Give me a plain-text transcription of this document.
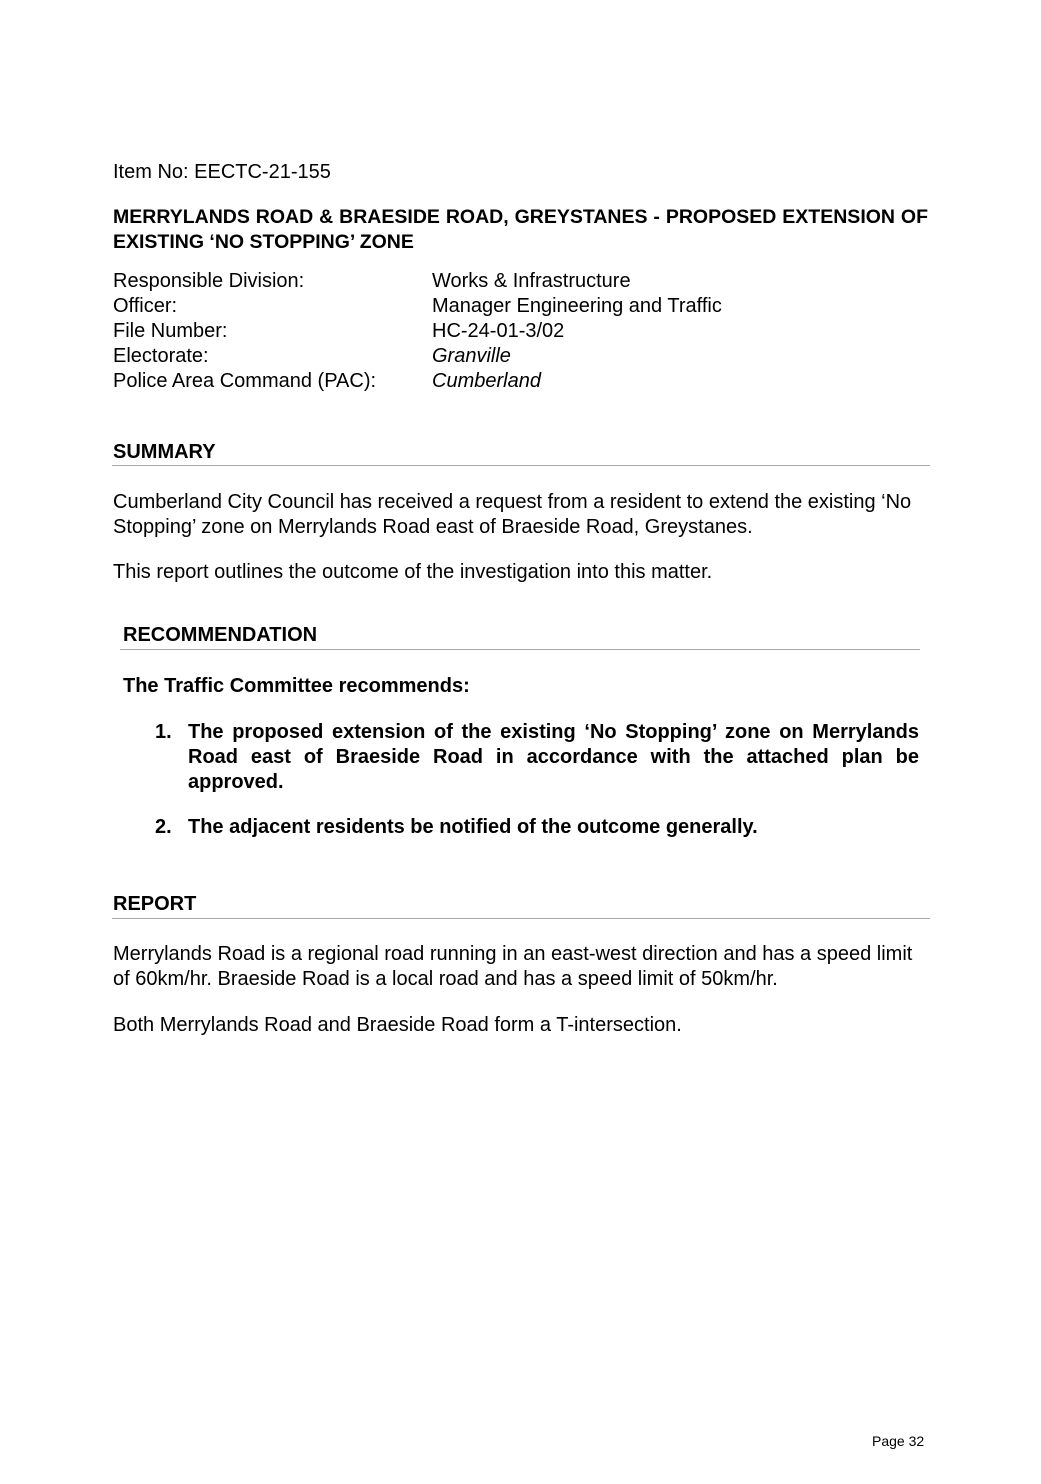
Item No: EECTC-21-155
MERRYLANDS ROAD & BRAESIDE ROAD, GREYSTANES - PROPOSED EXTENSION OF EXISTING ‘NO STOPPING’ ZONE
Responsible Division:	Works & Infrastructure
Officer:	Manager Engineering and Traffic
File Number:	HC-24-01-3/02
Electorate:	Granville
Police Area Command (PAC):	Cumberland
SUMMARY

Cumberland City Council has received a request from a resident to extend the existing ‘No Stopping’ zone on Merrylands Road east of Braeside Road, Greystanes.

This report outlines the outcome of the investigation into this matter.

RECOMMENDATION
The Traffic Committee recommends:
1. The proposed extension of the existing ‘No Stopping’ zone on Merrylands Road east of Braeside Road in accordance with the attached plan be approved.
2. The adjacent residents be notified of the outcome generally.
REPORT

Merrylands Road is a regional road running in an east-west direction and has a speed limit of 60km/hr. Braeside Road is a local road and has a speed limit of 50km/hr.

Both Merrylands Road and Braeside Road form a T-intersection.

Page 32
